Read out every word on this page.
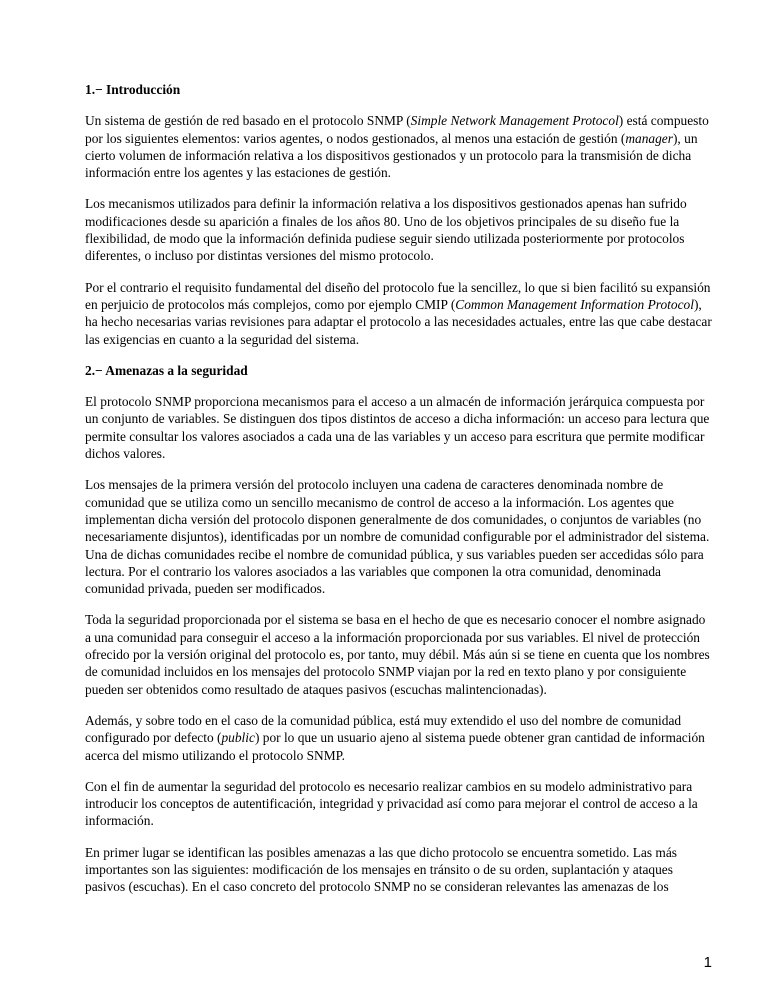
1.− Introducción

Un sistema de gestión de red basado en el protocolo SNMP (Simple Network Management Protocol) está compuesto por los siguientes elementos: varios agentes, o nodos gestionados, al menos una estación de gestión (manager), un cierto volumen de información relativa a los dispositivos gestionados y un protocolo para la transmisión de dicha información entre los agentes y las estaciones de gestión.

Los mecanismos utilizados para definir la información relativa a los dispositivos gestionados apenas han sufrido modificaciones desde su aparición a finales de los años 80. Uno de los objetivos principales de su diseño fue la flexibilidad, de modo que la información definida pudiese seguir siendo utilizada posteriormente por protocolos diferentes, o incluso por distintas versiones del mismo protocolo.

Por el contrario el requisito fundamental del diseño del protocolo fue la sencillez, lo que si bien facilitó su expansión en perjuicio de protocolos más complejos, como por ejemplo CMIP (Common Management Information Protocol), ha hecho necesarias varias revisiones para adaptar el protocolo a las necesidades actuales, entre las que cabe destacar las exigencias en cuanto a la seguridad del sistema.

2.− Amenazas a la seguridad

El protocolo SNMP proporciona mecanismos para el acceso a un almacén de información jerárquica compuesta por un conjunto de variables. Se distinguen dos tipos distintos de acceso a dicha información: un acceso para lectura que permite consultar los valores asociados a cada una de las variables y un acceso para escritura que permite modificar dichos valores.

Los mensajes de la primera versión del protocolo incluyen una cadena de caracteres denominada nombre de comunidad que se utiliza como un sencillo mecanismo de control de acceso a la información. Los agentes que implementan dicha versión del protocolo disponen generalmente de dos comunidades, o conjuntos de variables (no necesariamente disjuntos), identificadas por un nombre de comunidad configurable por el administrador del sistema. Una de dichas comunidades recibe el nombre de comunidad pública, y sus variables pueden ser accedidas sólo para lectura. Por el contrario los valores asociados a las variables que componen la otra comunidad, denominada comunidad privada, pueden ser modificados.

Toda la seguridad proporcionada por el sistema se basa en el hecho de que es necesario conocer el nombre asignado a una comunidad para conseguir el acceso a la información proporcionada por sus variables. El nivel de protección ofrecido por la versión original del protocolo es, por tanto, muy débil. Más aún si se tiene en cuenta que los nombres de comunidad incluidos en los mensajes del protocolo SNMP viajan por la red en texto plano y por consiguiente pueden ser obtenidos como resultado de ataques pasivos (escuchas malintencionadas).

Además, y sobre todo en el caso de la comunidad pública, está muy extendido el uso del nombre de comunidad configurado por defecto (public) por lo que un usuario ajeno al sistema puede obtener gran cantidad de información acerca del mismo utilizando el protocolo SNMP.

Con el fin de aumentar la seguridad del protocolo es necesario realizar cambios en su modelo administrativo para introducir los conceptos de autentificación, integridad y privacidad así como para mejorar el control de acceso a la información.

En primer lugar se identifican las posibles amenazas a las que dicho protocolo se encuentra sometido. Las más importantes son las siguientes: modificación de los mensajes en tránsito o de su orden, suplantación y ataques pasivos (escuchas). En el caso concreto del protocolo SNMP no se consideran relevantes las amenazas de los

1
